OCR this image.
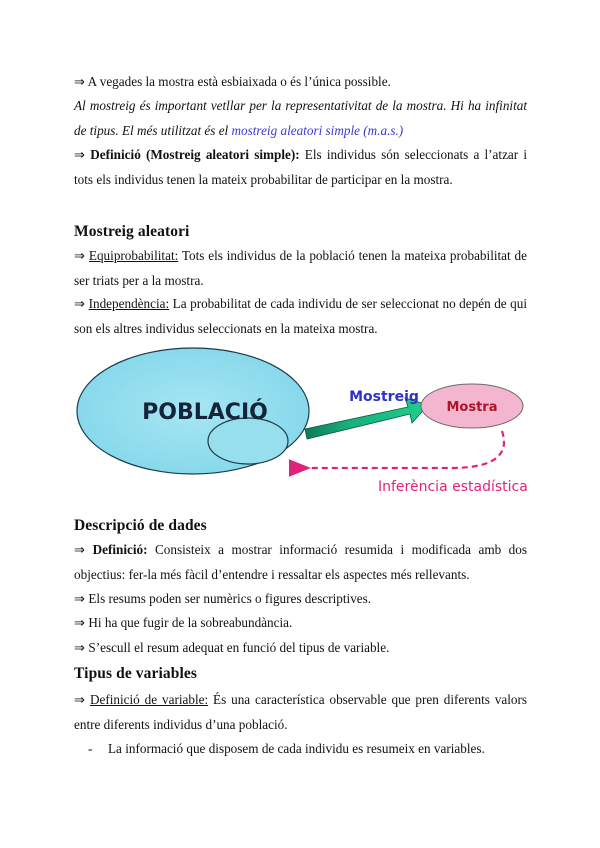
⇒ A vegades la mostra està esbiaixada o és l’única possible.

Al mostreig és important vetllar per la representativitat de la mostra. Hi ha infinitat de tipus. El més utilitzat és el mostreig aleatori simple (m.a.s.)

⇒ Definició (Mostreig aleatori simple): Els individus són seleccionats a l’atzar i tots els individus tenen la mateix probabilitar de participar en la mostra.

Mostreig aleatori

⇒ Equiprobabilitat: Tots els individus de la població tenen la mateixa probabilitat de ser triats per a la mostra.

⇒ Independència: La probabilitat de cada individu de ser seleccionat no depén de qui son els altres individus seleccionats en la mateixa mostra.

POBLACIÓ
Mostreig
Mostra
Inferència estadística
Descripció de dades

⇒ Definició: Consisteix a mostrar informació resumida i modificada amb dos objectius: fer-la més fàcil d’entendre i ressaltar els aspectes més rellevants.

⇒ Els resums poden ser numèrics o figures descriptives.

⇒ Hi ha que fugir de la sobreabundància.

⇒ S’escull el resum adequat en funció del tipus de variable.

Tipus de variables

⇒ Definició de variable: És una característica observable que pren diferents valors entre diferents individus d’una població.

- La informació que disposem de cada individu es resumeix en variables.
